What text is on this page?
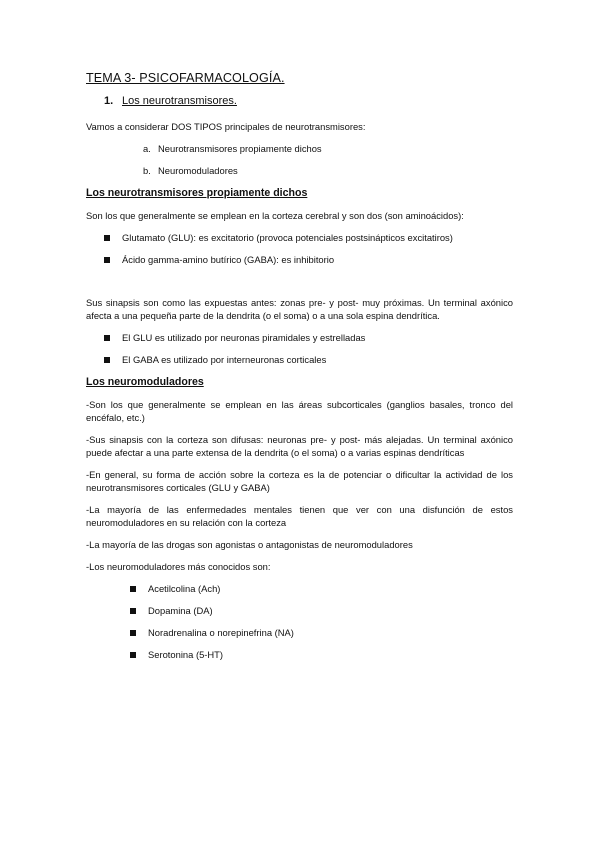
TEMA 3- PSICOFARMACOLOGÍA.
1. Los neurotransmisores.

Vamos a considerar DOS TIPOS principales de neurotransmisores:

a. Neurotransmisores propiamente dichos
b. Neuromoduladores
Los neurotransmisores propiamente dichos

Son los que generalmente se emplean en la corteza cerebral y son dos (son aminoácidos):

Glutamato (GLU): es excitatorio (provoca potenciales postsinápticos excitatiros)
Ácido gamma-amino butírico (GABA): es inhibitorio

Sus sinapsis son como las expuestas antes: zonas pre- y post- muy próximas. Un terminal axónico afecta a una pequeña parte de la dendrita (o el soma) o a una sola espina dendrítica.

El GLU es utilizado por neuronas piramidales y estrelladas
El GABA es utilizado por interneuronas corticales
Los neuromoduladores

-Son los que generalmente se emplean en las áreas subcorticales (ganglios basales, tronco del encéfalo, etc.)

-Sus sinapsis con la corteza son difusas: neuronas pre- y post- más alejadas. Un terminal axónico puede afectar a una parte extensa de la dendrita (o el soma) o a varias espinas dendríticas

-En general, su forma de acción sobre la corteza es la de potenciar o dificultar la actividad de los neurotransmisores corticales (GLU y GABA)

-La mayoría de las enfermedades mentales tienen que ver con una disfunción de estos neuromoduladores en su relación con la corteza

-La mayoría de las drogas son agonistas o antagonistas de neuromoduladores

-Los neuromoduladores más conocidos son:

Acetilcolina (Ach)
Dopamina (DA)
Noradrenalina o norepinefrina (NA)
Serotonina (5-HT)
